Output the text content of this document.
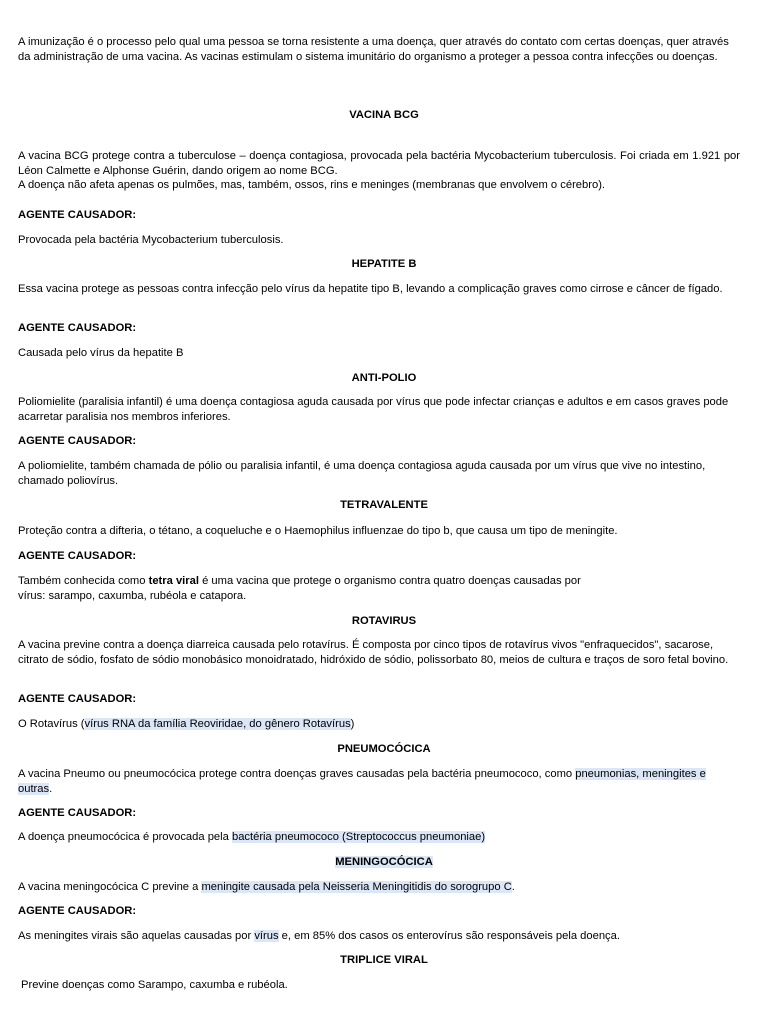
A imunização é o processo pelo qual uma pessoa se torna resistente a uma doença, quer através do contato com certas doenças, quer através da administração de uma vacina. As vacinas estimulam o sistema imunitário do organismo a proteger a pessoa contra infecções ou doenças.

VACINA BCG

A vacina BCG protege contra a tuberculose – doença contagiosa, provocada pela bactéria Mycobacterium tuberculosis. Foi criada em 1.921 por Léon Calmette e Alphonse Guérin, dando origem ao nome BCG.

A doença não afeta apenas os pulmões, mas, também, ossos, rins e meninges (membranas que envolvem o cérebro).

AGENTE CAUSADOR:

Provocada pela bactéria Mycobacterium tuberculosis.

HEPATITE B

Essa vacina protege as pessoas contra infecção pelo vírus da hepatite tipo B, levando a complicação graves como cirrose e câncer de fígado.

AGENTE CAUSADOR:

Causada pelo vírus da hepatite B

ANTI-POLIO

Poliomielite (paralisia infantil) é uma doença contagiosa aguda causada por vírus que pode infectar crianças e adultos e em casos graves pode acarretar paralisia nos membros inferiores.

AGENTE CAUSADOR:

A poliomielite, também chamada de pólio ou paralisia infantil, é uma doença contagiosa aguda causada por um vírus que vive no intestino, chamado poliovírus.

TETRAVALENTE

Proteção contra a difteria, o tétano, a coqueluche e o Haemophilus influenzae do tipo b, que causa um tipo de meningite.

AGENTE CAUSADOR:

Também conhecida como tetra viral é uma vacina que protege o organismo contra quatro doenças causadas por
vírus: sarampo, caxumba, rubéola e catapora.

ROTAVIRUS

A vacina previne contra a doença diarreica causada pelo rotavírus. É composta por cinco tipos de rotavírus vivos "enfraquecidos", sacarose, citrato de sódio, fosfato de sódio monobásico monoidratado, hidróxido de sódio, polissorbato 80, meios de cultura e traços de soro fetal bovino.

AGENTE CAUSADOR:

O Rotavírus (vírus RNA da família Reoviridae, do gênero Rotavírus)

PNEUMOCÓCICA

A vacina Pneumo ou pneumocócica protege contra doenças graves causadas pela bactéria pneumococo, como pneumonias, meningites e outras.

AGENTE CAUSADOR:

A doença pneumocócica é provocada pela bactéria pneumococo (Streptococcus pneumoniae)

MENINGOCÓCICA

A vacina meningocócica C previne a meningite causada pela Neisseria Meningitidis do sorogrupo C.

AGENTE CAUSADOR:

As meningites virais são aquelas causadas por vírus e, em 85% dos casos os enterovírus são responsáveis pela doença.

TRIPLICE VIRAL

Previne doenças como Sarampo, caxumba e rubéola.
